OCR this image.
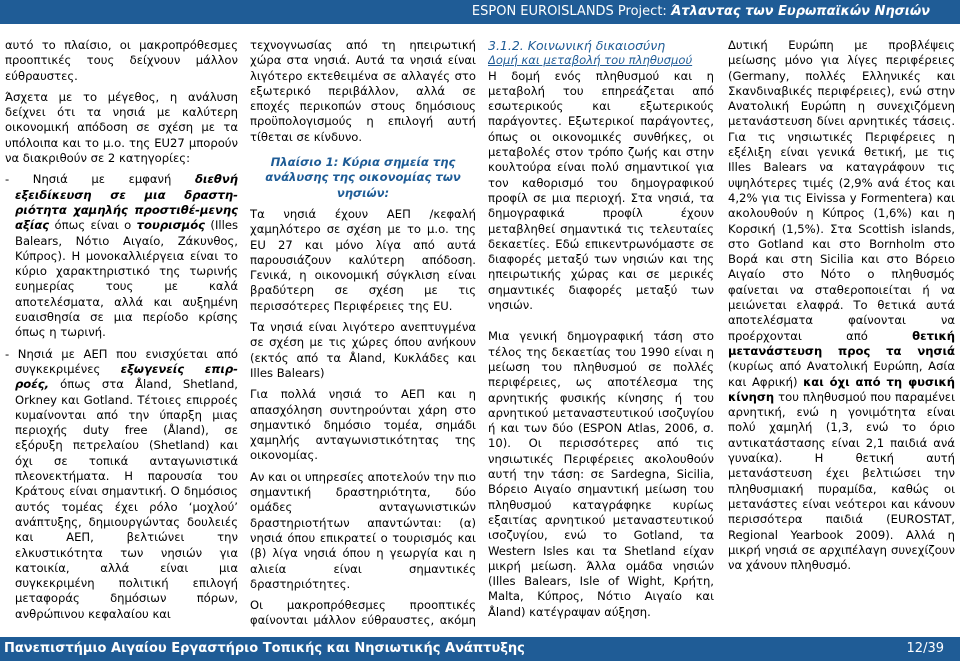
ESPON EUROISLANDS Project: Άτλαντας των Ευρωπαϊκών Νησιών

αυτό το πλαίσιο, οι μακροπρόθεσμες προοπτικές τους δείχνουν μάλλον εύθραυστες.

Άσχετα με το μέγεθος, η ανάλυση δείχνει ότι τα νησιά με καλύτερη οικονομική απόδοση σε σχέση με τα υπόλοιπα και το μ.ο. της EU27 μπορούν να διακριθούν σε 2 κατηγορίες:

- Νησιά με εμφανή διεθνή εξειδίκευση σε μια δραστη-ριότητα χαμηλής προστιθέ-μενης αξίας όπως είναι ο τουρισμός (Illes Balears, Νότιο Αιγαίο, Ζάκυνθος, Κύπρος). Η μονοκαλλιέργεια είναι το κύριο χαρακτηριστικό της τωρινής ευημερίας τους με καλά αποτελέσματα, αλλά και αυξημένη ευαισθησία σε μια περίοδο κρίσης όπως η τωρινή.

- Νησιά με ΑΕΠ που ενισχύεται από συγκεκριμένες εξωγενείς επιρ-ροές, όπως στα Åland, Shetland, Orkney και Gotland. Τέτοιες επιρροές κυμαίνονται από την ύπαρξη μιας περιοχής duty free (Åland), σε εξόρυξη πετρελαίου (Shetland) και όχι σε τοπικά ανταγωνιστικά πλεονεκτήματα. Η παρουσία του Κράτους είναι σημαντική. Ο δημόσιος αυτός τομέας έχει ρόλο ‘μοχλού’ ανάπτυξης, δημιουργώντας δουλειές και ΑΕΠ, βελτιώνει την ελκυστικότητα των νησιών για κατοικία, αλλά είναι μια συγκεκριμένη πολιτική επιλογή μεταφοράς δημόσιων πόρων, ανθρώπινου κεφαλαίου και

τεχνογνωσίας από τη ηπειρωτική χώρα στα νησιά. Αυτά τα νησιά είναι λιγότερο εκτεθειμένα σε αλλαγές στο εξωτερικό περιβάλλον, αλλά σε εποχές περικοπών στους δημόσιους προϋπολογισμούς η επιλογή αυτή τίθεται σε κίνδυνο.

Πλαίσιο 1: Κύρια σημεία της ανάλυσης της οικονομίας των νησιών:

Τα νησιά έχουν ΑΕΠ /κεφαλή χαμηλότερο σε σχέση με το μ.ο. της EU 27 και μόνο λίγα από αυτά παρουσιάζουν καλύτερη απόδοση. Γενικά, η οικονομική σύγκλιση είναι βραδύτερη σε σχέση με τις περισσότερες Περιφέρειες της EU.

Τα νησιά είναι λιγότερο ανεπτυγμένα σε σχέση με τις χώρες όπου ανήκουν (εκτός από τα Åland, Κυκλάδες και Illes Balears)

Για πολλά νησιά το ΑΕΠ και η απασχόληση συντηρούνται χάρη στο σημαντικό δημόσιο τομέα, σημάδι χαμηλής ανταγωνιστικότητας της οικονομίας.

Αν και οι υπηρεσίες αποτελούν την πιο σημαντική δραστηριότητα, δύο ομάδες ανταγωνιστικών δραστηριοτήτων απαντώνται: (α) νησιά όπου επικρατεί ο τουρισμός και (β) λίγα νησιά όπου η γεωργία και η αλιεία είναι σημαντικές δραστηριότητες.

Οι μακροπρόθεσμες προοπτικές φαίνονται μάλλον εύθραυστες, ακόμη

3.1.2. Κοινωνική δικαιοσύνη

Δομή και μεταβολή του πληθυσμού

Η δομή ενός πληθυσμού και η μεταβολή του επηρεάζεται από εσωτερικούς και εξωτερικούς παράγοντες. Εξωτερικοί παράγοντες, όπως οι οικονομικές συνθήκες, οι μεταβολές στον τρόπο ζωής και στην κουλτούρα είναι πολύ σημαντικοί για τον καθορισμό του δημογραφικού προφίλ σε μια περιοχή. Στα νησιά, τα δημογραφικά προφίλ έχουν μεταβληθεί σημαντικά τις τελευταίες δεκαετίες. Εδώ επικεντρωνόμαστε σε διαφορές μεταξύ των νησιών και της ηπειρωτικής χώρας και σε μερικές σημαντικές διαφορές μεταξύ των νησιών.

Μια γενική δημογραφική τάση στο τέλος της δεκαετίας του 1990 είναι η μείωση του πληθυσμού σε πολλές περιφέρειες, ως αποτέλεσμα της αρνητικής φυσικής κίνησης ή του αρνητικού μεταναστευτικού ισοζυγίου ή και των δύο (ESPON Atlas, 2006, σ. 10). Οι περισσότερες από τις νησιωτικές Περιφέρειες ακολουθούν αυτή την τάση: σε Sardegna, Sicilia, Βόρειο Αιγαίο σημαντική μείωση του πληθυσμού καταγράφηκε κυρίως εξαιτίας αρνητικού μεταναστευτικού ισοζυγίου, ενώ το Gotland, τα Western Isles και τα Shetland είχαν μικρή μείωση. Άλλα ομάδα νησιών (Illes Balears, Isle of Wight, Κρήτη, Malta, Κύπρος, Νότιο Αιγαίο και Åland) κατέγραψαν αύξηση.

Δυτική Ευρώπη με προβλέψεις μείωσης μόνο για λίγες περιφέρειες (Germany, πολλές Ελληνικές και Σκανδιναβικές περιφέρειες), ενώ στην Ανατολική Ευρώπη η συνεχιζόμενη μετανάστευση δίνει αρνητικές τάσεις. Για τις νησιωτικές Περιφέρειες η εξέλιξη είναι γενικά θετική, με τις Illes Balears να καταγράφουν τις υψηλότερες τιμές (2,9% ανά έτος και 4,2% για τις Eivissa y Formentera) και ακολουθούν η Κύπρος (1,6%) και η Κορσική (1,5%). Στα Scottish islands, στο Gotland και στο Bornholm στο Βορά και στη Sicilia και στο Βόρειο Αιγαίο στο Νότο ο πληθυσμός φαίνεται να σταθεροποιείται ή να μειώνεται ελαφρά. Το θετικά αυτά αποτελέσματα φαίνονται να προέρχονται από θετική μετανάστευση προς τα νησιά (κυρίως από Ανατολική Ευρώπη, Ασία και Αφρική) και όχι από τη φυσική κίνηση του πληθυσμού που παραμένει αρνητική, ενώ η γονιμότητα είναι πολύ χαμηλή (1,3, ενώ το όριο αντικατάστασης είναι 2,1 παιδιά ανά γυναίκα). Η θετική αυτή μετανάστευση έχει βελτιώσει την πληθυσμιακή πυραμίδα, καθώς οι μετανάστες είναι νεότεροι και κάνουν περισσότερα παιδιά (EUROSTAT, Regional Yearbook 2009). Αλλά η μικρή νησιά σε αρχιπέλαγη συνεχίζουν να χάνουν πληθυσμό.

Πανεπιστήμιο Αιγαίου Εργαστήριο Τοπικής και Νησιωτικής Ανάπτυξης	12/39
